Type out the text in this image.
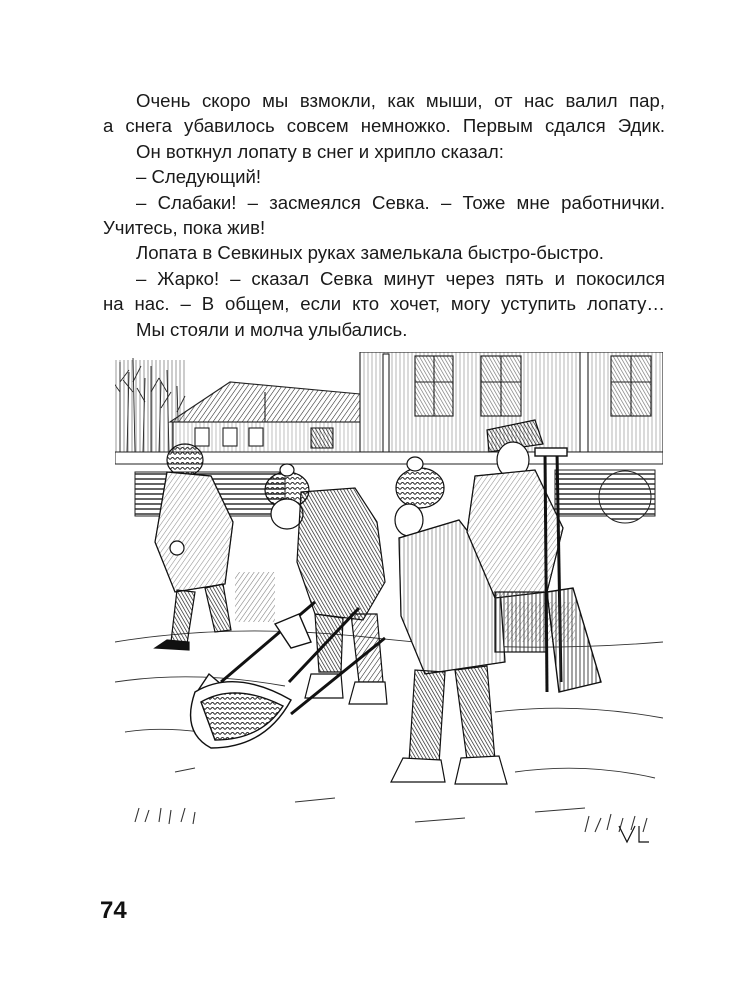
Очень скоро мы взмокли, как мыши, от нас валил пар,
а снега убавилось совсем немножко. Первым сдался Эдик.
Он воткнул лопату в снег и хрипло сказал:
– Следующий!
– Слабаки! – засмеялся Севка. – Тоже мне работнички.
Учитесь, пока жив!
Лопата в Севкиных руках замелькала быстро-быстро.
– Жарко! – сказал Севка минут через пять и покосился
на нас. – В общем, если кто хочет, могу уступить лопату…
Мы стояли и молча улыбались.
74
